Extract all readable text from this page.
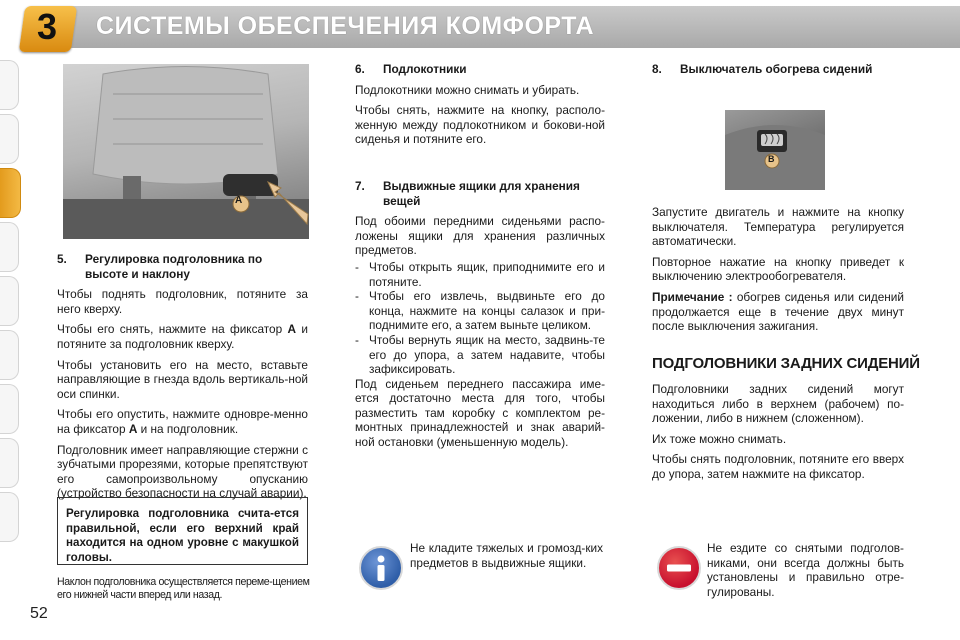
3 СИСТЕМЫ ОБЕСПЕЧЕНИЯ КОМФОРТА
A
5.	Регулировка подголовника по высоте и наклону

Чтобы поднять подголовник, потяните за него кверху.

Чтобы его снять, нажмите на фиксатор A и потяните за подголовник кверху.

Чтобы установить его на место, вставьте направляющие в гнезда вдоль вертикаль-ной оси спинки.

Чтобы его опустить, нажмите одновре-менно на фиксатор A и на подголовник.

Подголовник имеет направляющие стержни с зубчатыми прорезями, которые препятствуют его самопроизвольному опусканию (устройство безопасности на случай аварии).

Регулировка подголовника счита-ется правильной, если его верхний край находится на одном уровне с макушкой головы.
Наклон подголовника осуществляется переме-щением его нижней части вперед или назад.
6.	Подлокотники

Подлокотники можно снимать и убирать.

Чтобы снять, нажмите на кнопку, располо-женную между подлокотником и бокови-ной сиденья и потяните его.

7.	Выдвижные ящики для хранения вещей

Под обоими передними сиденьями распо-ложены ящики для хранения различных предметов.

- Чтобы открыть ящик, приподнимите его и потяните.
- Чтобы его извлечь, выдвиньте его до конца, нажмите на концы салазок и при-поднимите его, а затем выньте целиком.
- Чтобы вернуть ящик на место, задвинь-те его до упора, а затем надавите, чтобы зафиксировать.

Под сиденьем переднего пассажира име-ется достаточно места для того, чтобы разместить там коробку с комплектом ре-монтных принадлежностей и знак аварий-ной остановки (уменьшенную модель).

Не кладите тяжелых и громозд-ких предметов в выдвижные ящики.
8.	Выключатель обогрева сидений
B

Запустите двигатель и нажмите на кнопку выключателя. Температура регулируется автоматически.

Повторное нажатие на кнопку приведет к выключению электрообогревателя.

Примечание : обогрев сиденья или сидений продолжается еще в течение двух минут после выключения зажигания.

ПОДГОЛОВНИКИ ЗАДНИХ СИДЕНИЙ

Подголовники задних сидений могут находиться либо в верхнем (рабочем) по-ложении, либо в нижнем (сложенном).

Их тоже можно снимать.

Чтобы снять подголовник, потяните его вверх до упора, затем нажмите на фиксатор.

Не ездите со снятыми подголов-никами, они всегда должны быть установлены и правильно отре-гулированы.
52
